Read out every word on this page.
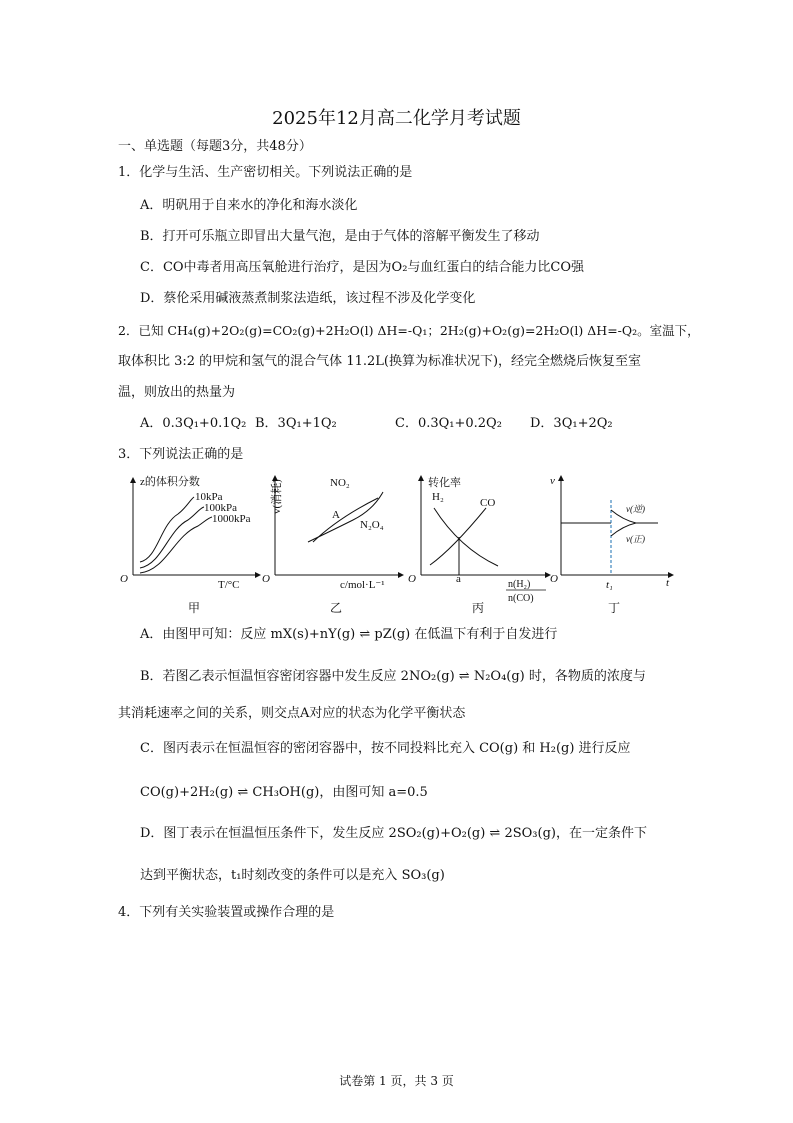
2025年12月高二化学月考试题
一、单选题（每题3分，共48分）
1．化学与生活、生产密切相关。下列说法正确的是
A．明矾用于自来水的净化和海水淡化
B．打开可乐瓶立即冒出大量气泡，是由于气体的溶解平衡发生了移动
C．CO中毒者用高压氧舱进行治疗，是因为O₂与血红蛋白的结合能力比CO强
D．蔡伦采用碱液蒸煮制浆法造纸，该过程不涉及化学变化
2．已知 CH₄(g)+2O₂(g)=CO₂(g)+2H₂O(l) ΔH=-Q₁；2H₂(g)+O₂(g)=2H₂O(l) ΔH=-Q₂。室温下，
取体积比 3:2 的甲烷和氢气的混合气体 11.2L(换算为标准状况下)，经完全燃烧后恢复至室
温，则放出的热量为
A．0.3Q₁+0.1Q₂ B．3Q₁+1Q₂	C．0.3Q₁+0.2Q₂ D．3Q₁+2Q₂
3．下列说法正确的是
z的体积分数
10kPa
100kPa
1000kPa
O	T/°C
甲
v(消耗)	NO₂
N₂O₄
A
O	c/mol·L⁻¹
乙
转化率
H₂	CO
a
O	n(H₂)
n(CO)
丙
v
v(逆)
v(正)
t₁
O	t
丁
A．由图甲可知：反应 mX(s)+nY(g) ⇌ pZ(g) 在低温下有利于自发进行
B．若图乙表示恒温恒容密闭容器中发生反应 2NO₂(g) ⇌ N₂O₄(g) 时，各物质的浓度与
其消耗速率之间的关系，则交点A对应的状态为化学平衡状态
C．图丙表示在恒温恒容的密闭容器中，按不同投料比充入 CO(g) 和 H₂(g) 进行反应
CO(g)+2H₂(g) ⇌ CH₃OH(g)，由图可知 a=0.5
D．图丁表示在恒温恒压条件下，发生反应 2SO₂(g)+O₂(g) ⇌ 2SO₃(g)，在一定条件下
达到平衡状态，t₁时刻改变的条件可以是充入 SO₃(g)
4．下列有关实验装置或操作合理的是
试卷第 1 页，共 3 页
